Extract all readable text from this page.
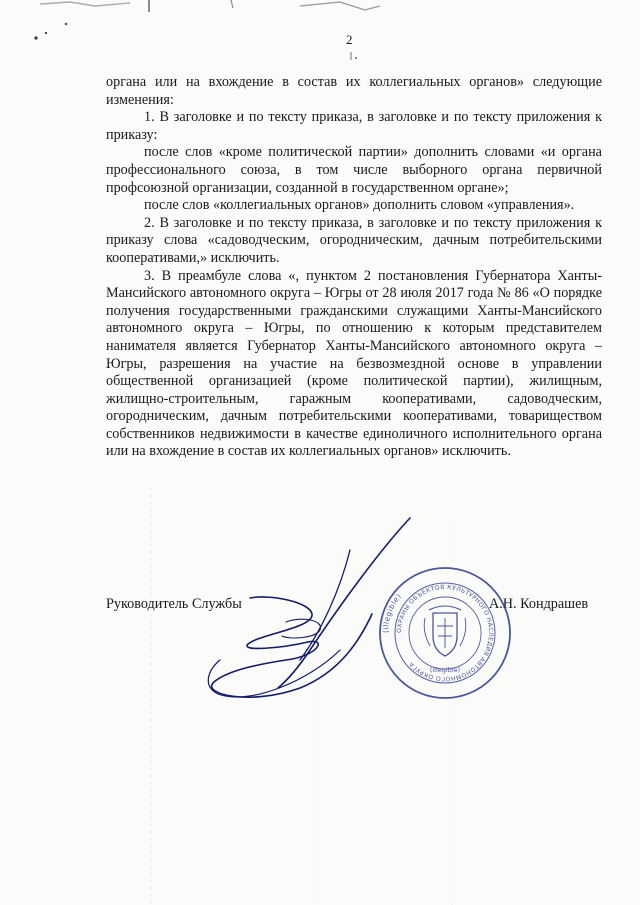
2

органа или на вхождение в состав их коллегиальных органов» следующие изменения:

1. В заголовке и по тексту приказа, в заголовке и по тексту приложения к приказу:

после слов «кроме политической партии» дополнить словами «и органа профессионального союза, в том числе выборного органа первичной профсоюзной организации, созданной в государственном органе»;

после слов «коллегиальных органов» дополнить словом «управления».

2. В заголовке и по тексту приказа, в заголовке и по тексту приложения к приказу слова «садоводческим, огородническим, дачным потребительскими кооперативами,» исключить.

3. В преамбуле слова «, пунктом 2 постановления Губернатора Ханты-Мансийского автономного округа – Югры от 28 июля 2017 года № 86 «О порядке получения государственными гражданскими служащими Ханты-Мансийского автономного округа – Югры, по отношению к которым представителем нанимателя является Губернатор Ханты-Мансийского автономного округа – Югры, разрешения на участие на безвозмездной основе в управлении общественной организацией (кроме политической партии), жилищным, жилищно-строительным, гаражным кооперативами, садоводческим, огородническим, дачным потребительскими кооперативами, товариществом собственников недвижимости в качестве единоличного исполнительного органа или на вхождение в состав их коллегиальных органов» исключить.

Руководитель Службы	А.Н. Кондрашев
(illegible)
ОХРАНЫ ОБЪЕКТОВ КУЛЬТУРНОГО НАСЛЕДИЯ АВТОНОМНОГО ОКРУГА
(illegible)
